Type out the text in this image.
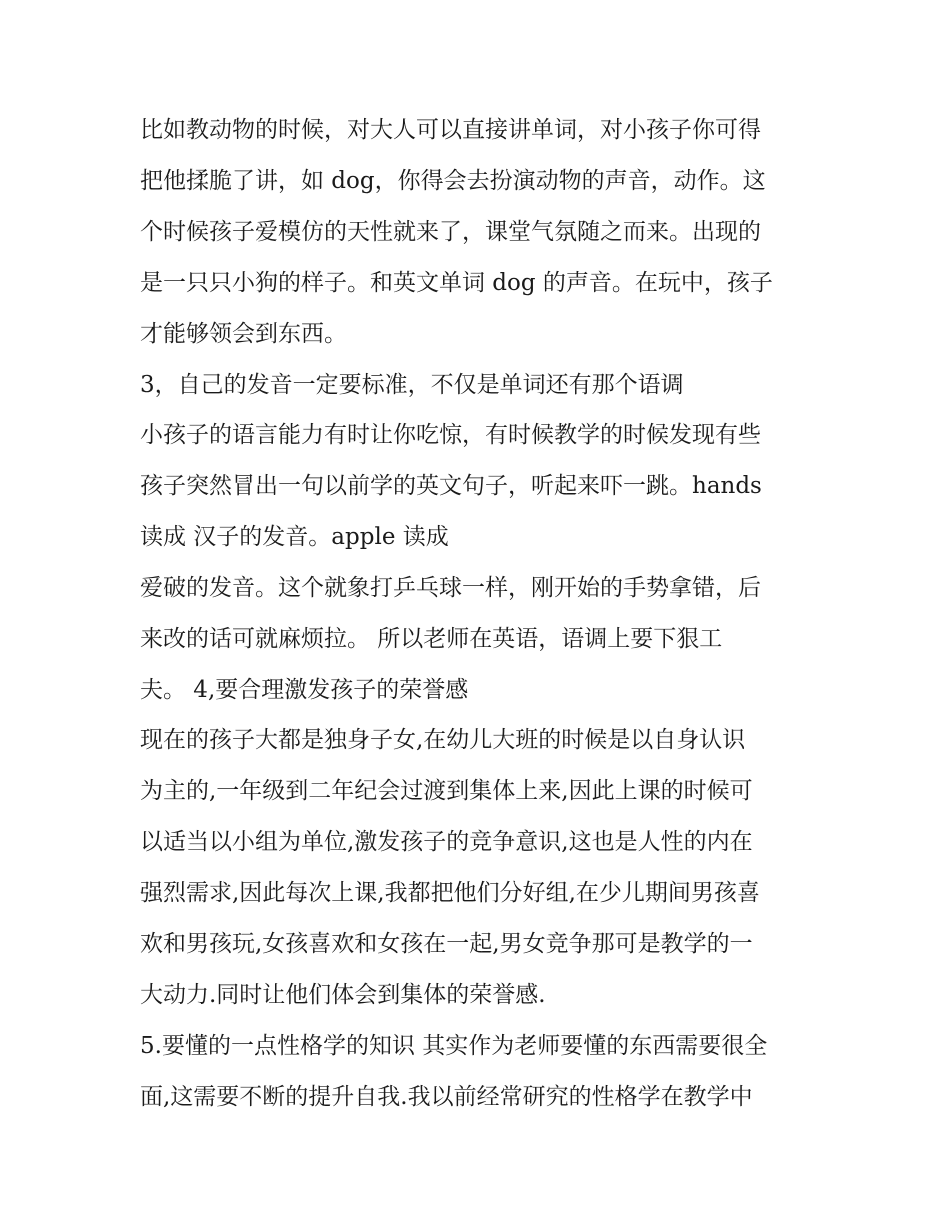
比如教动物的时候，对大人可以直接讲单词，对小孩子你可得
把他揉脆了讲，如 dog，你得会去扮演动物的声音，动作。这
个时候孩子爱模仿的天性就来了，课堂气氛随之而来。出现的
是一只只小狗的样子。和英文单词 dog 的声音。在玩中，孩子
才能够领会到东西。
3，自己的发音一定要标准，不仅是单词还有那个语调
小孩子的语言能力有时让你吃惊，有时候教学的时候发现有些
孩子突然冒出一句以前学的英文句子，听起来吓一跳。hands
读成 汉子的发音。apple 读成
爱破的发音。这个就象打乒乓球一样，刚开始的手势拿错，后
来改的话可就麻烦拉。 所以老师在英语，语调上要下狠工
夫。 4,要合理激发孩子的荣誉感
现在的孩子大都是独身子女,在幼儿大班的时候是以自身认识
为主的,一年级到二年纪会过渡到集体上来,因此上课的时候可
以适当以小组为单位,激发孩子的竞争意识,这也是人性的内在
强烈需求,因此每次上课,我都把他们分好组,在少儿期间男孩喜
欢和男孩玩,女孩喜欢和女孩在一起,男女竞争那可是教学的一
大动力.同时让他们体会到集体的荣誉感.
5.要懂的一点性格学的知识 其实作为老师要懂的东西需要很全
面,这需要不断的提升自我.我以前经常研究的性格学在教学中
